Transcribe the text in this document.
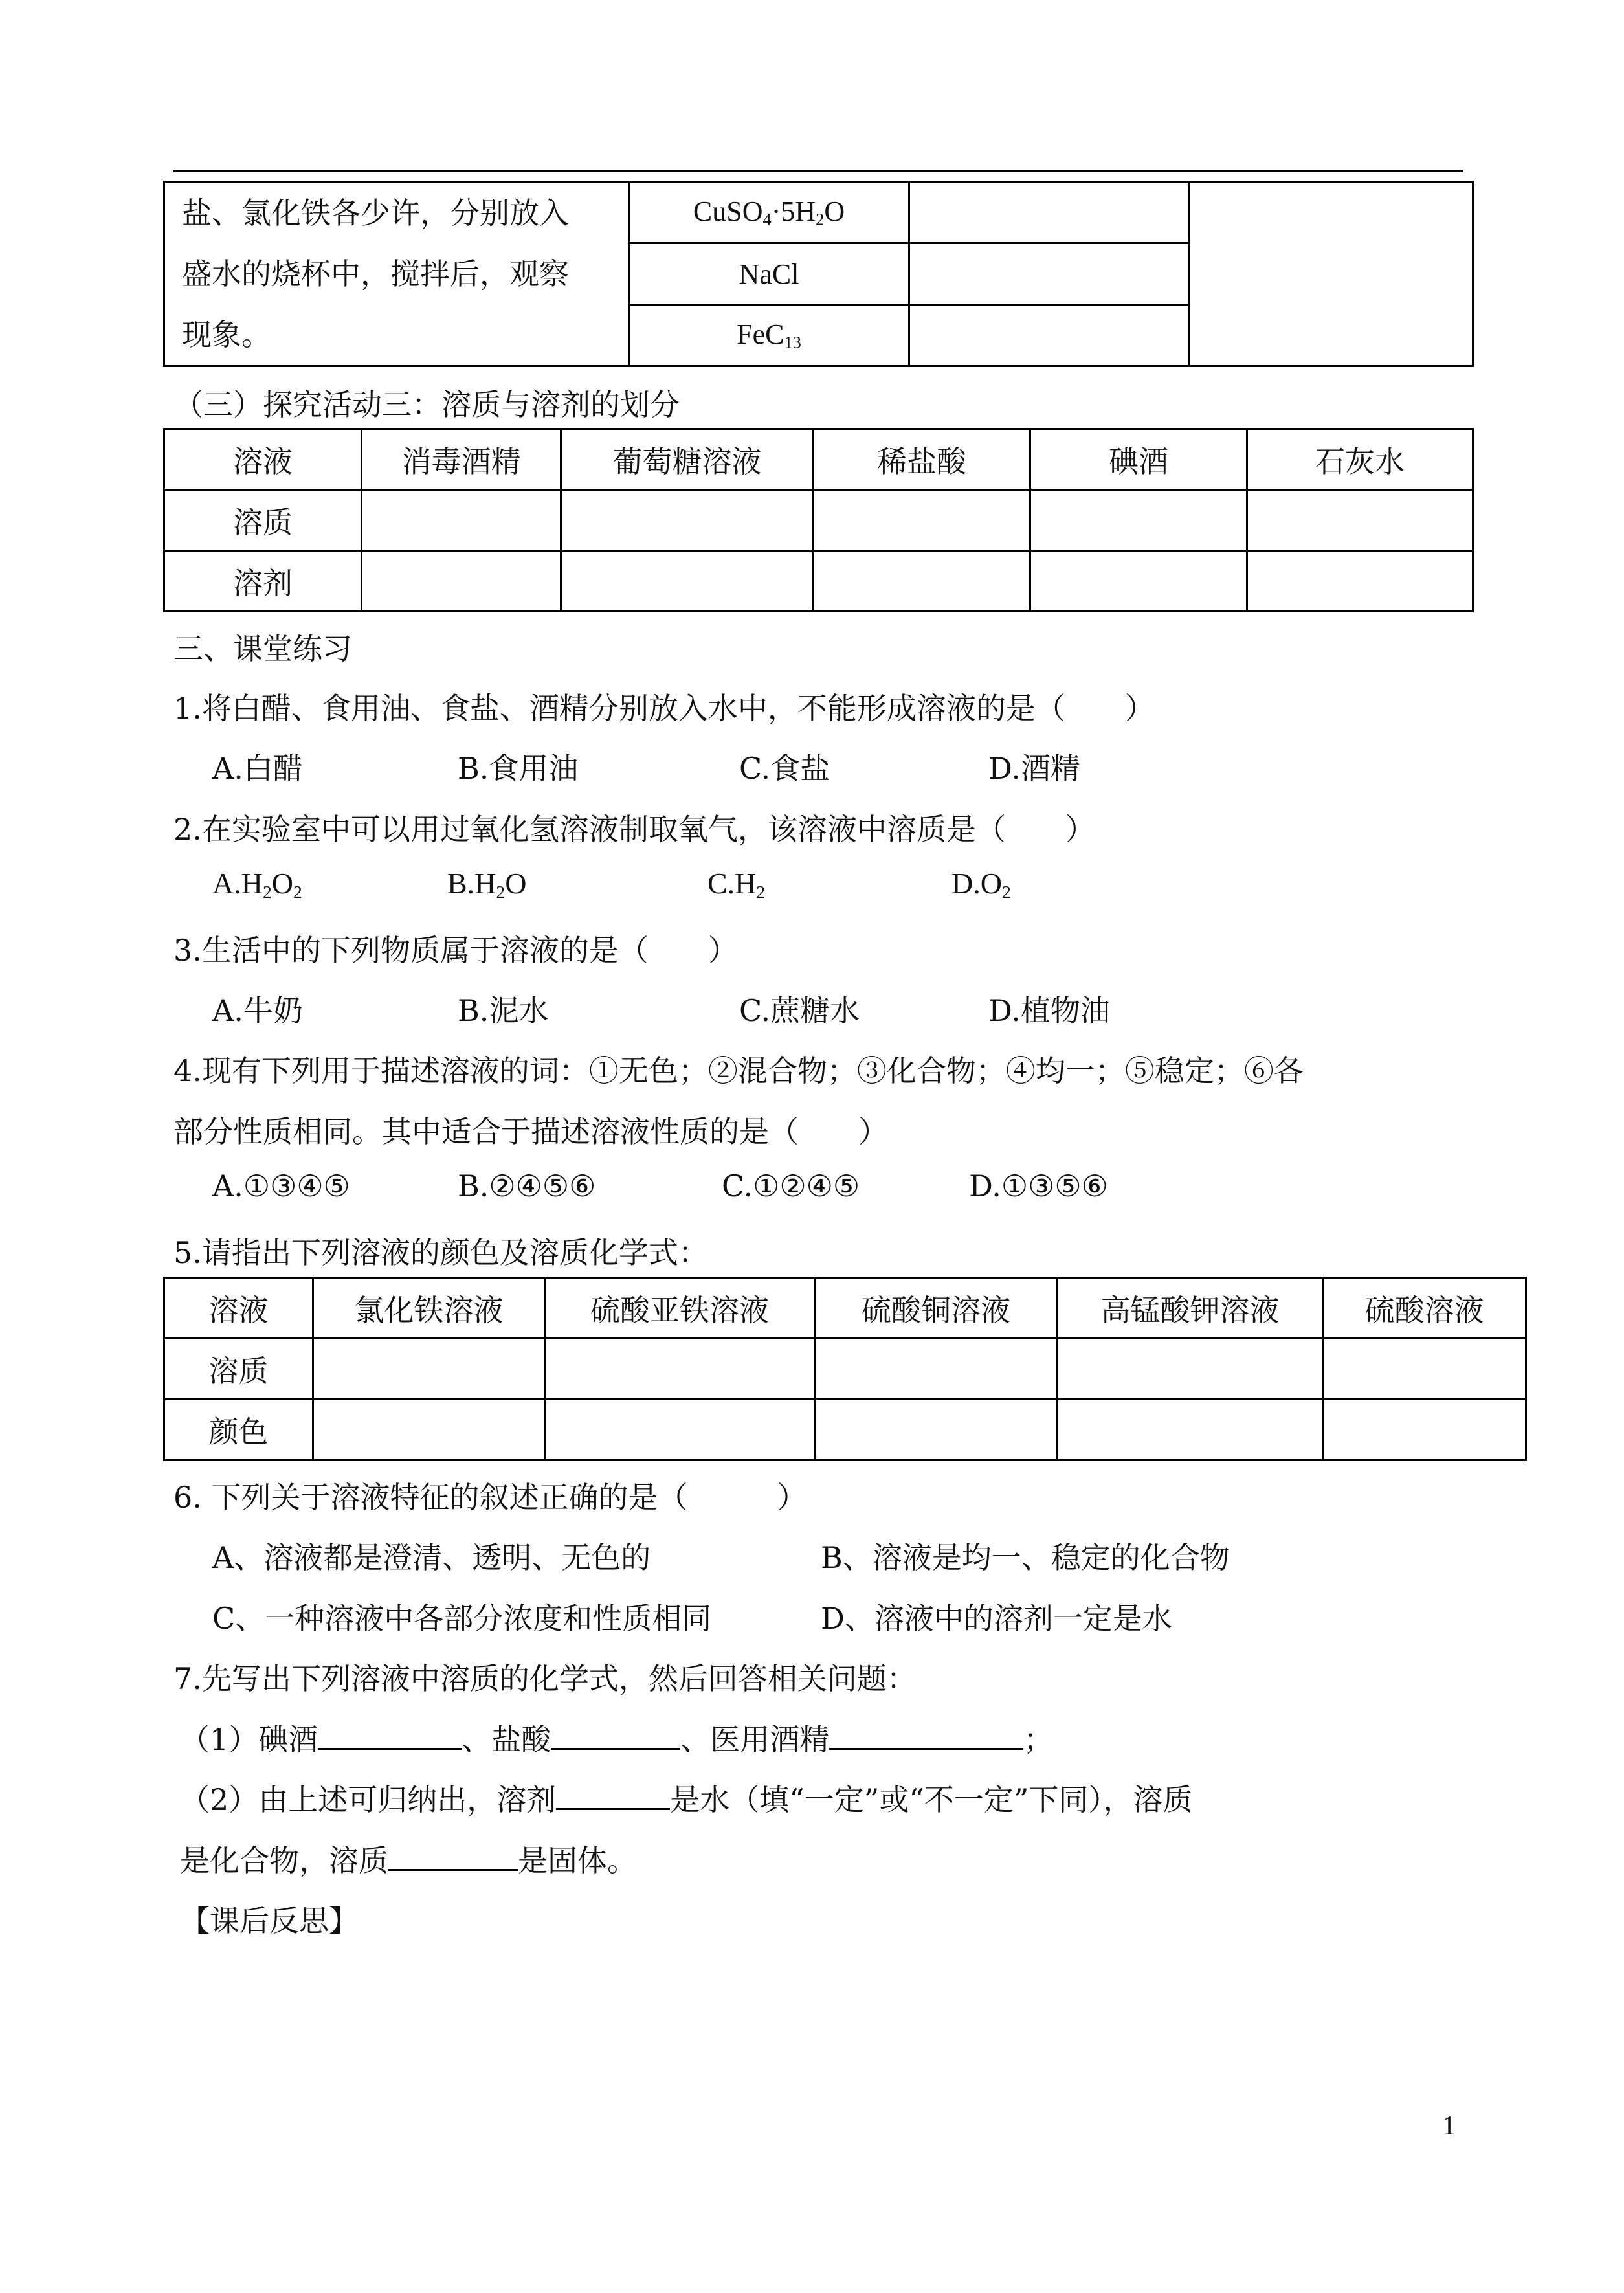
盐、氯化铁各少许，分别放入
盛水的烧杯中，搅拌后，观察
现象。	$CuSO_4\cdot 5H_2O$		
	NaCl		
	FeC$_{13}$	
（三）探究活动三：溶质与溶剂的划分
溶液	消毒酒精	葡萄糖溶液	稀盐酸	碘酒	石灰水
溶质					
溶剂					
三、课堂练习
1.将白醋、食用油、食盐、酒精分别放入水中，不能形成溶液的是（　　）
A.白醋	B.食用油	C.食盐	D.酒精
2.在实验室中可以用过氧化氢溶液制取氧气，该溶液中溶质是（　　）
$A.H_2O_2$	$B.H_2O$	$C.H_2$	$D.O_2$
3.生活中的下列物质属于溶液的是（　　）
A.牛奶	B.泥水	C.蔗糖水	D.植物油
4.现有下列用于描述溶液的词：①无色；②混合物；③化合物；④均一；⑤稳定；⑥各
部分性质相同。其中适合于描述溶液性质的是（　　）
A.①③④⑤	B.②④⑤⑥	C.①②④⑤	D.①③⑤⑥
5.请指出下列溶液的颜色及溶质化学式：
溶液	氯化铁溶液	硫酸亚铁溶液	硫酸铜溶液	高锰酸钾溶液	硫酸溶液
溶质					
颜色					
6. 下列关于溶液特征的叙述正确的是（　　　）
A、溶液都是澄清、透明、无色的	B、溶液是均一、稳定的化合物
C、一种溶液中各部分浓度和性质相同	D、溶液中的溶剂一定是水
7.先写出下列溶液中溶质的化学式，然后回答相关问题：
（1）碘酒	、盐酸	、医用酒精	；
（2）由上述可归纳出，溶剂	是水（填“一定”或“不一定”下同），溶质
是化合物，溶质	是固体。
【课后反思】
1
